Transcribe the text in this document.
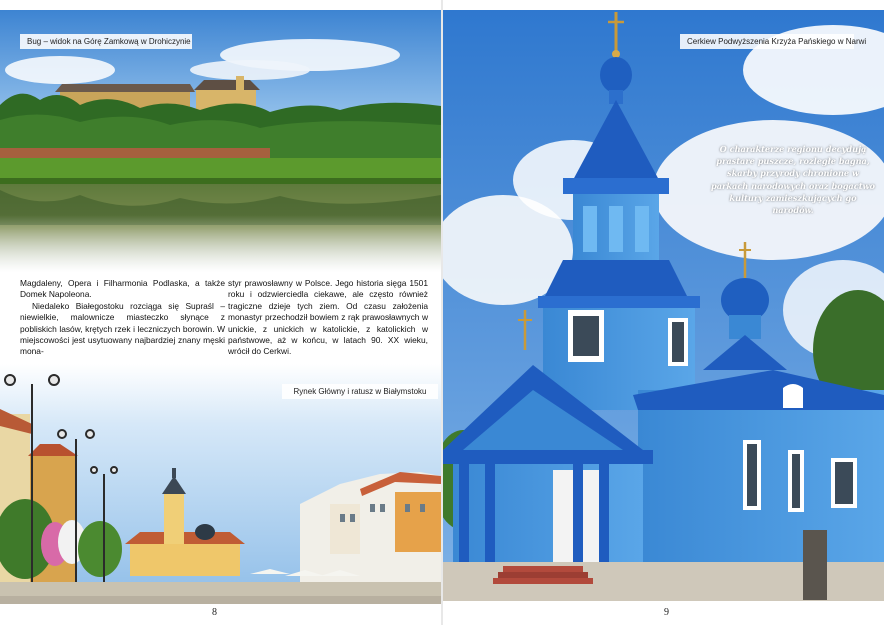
Bug – widok na Górę Zamkową w Drohiczynie

Magdaleny, Opera i Filharmonia Podlaska, a także Domek Napoleona.

Niedaleko Białegostoku rozciąga się Supraśl – niewielkie, malownicze miasteczko słynące z pobliskich lasów, krętych rzek i leczniczych borowin. W miejscowości jest usytuowany najbardziej znany męski mona-

styr prawosławny w Polsce. Jego historia sięga 1501 roku i odzwierciedla ciekawe, ale często również tragiczne dzieje tych ziem. Od czasu założenia monastyr przechodził bowiem z rąk prawosławnych w unickie, z unickich w katolickie, z katolickich w państwowe, aż w końcu, w latach 90. XX wieku, wrócił do Cerkwi.

Rynek Główny i ratusz w Białymstoku
8
Cerkiew Podwyższenia Krzyża Pańskiego w Narwi
O charakterze regionu decydują prastare puszcze, rozległe bagna, skarby przyrody chronione w parkach narodowych oraz bogactwo kultury zamieszkujących go narodów.
9
